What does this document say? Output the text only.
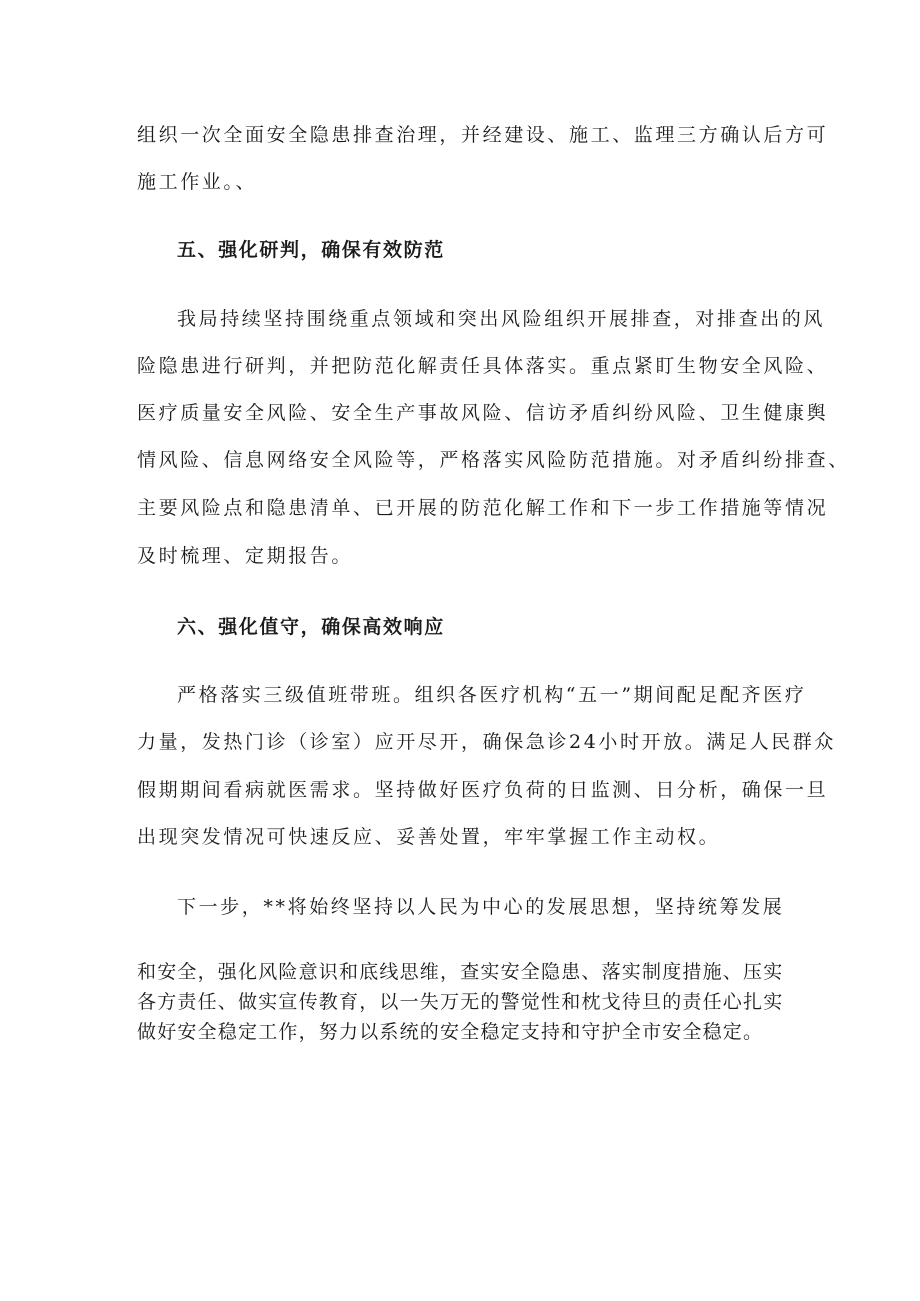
组织一次全面安全隐患排查治理，并经建设、施工、监理三方确认后方可
施工作业。、
五、强化研判，确保有效防范
我局持续坚持围绕重点领域和突出风险组织开展排查，对排查出的风
险隐患进行研判，并把防范化解责任具体落实。重点紧盯生物安全风险、
医疗质量安全风险、安全生产事故风险、信访矛盾纠纷风险、卫生健康舆
情风险、信息网络安全风险等，严格落实风险防范措施。对矛盾纠纷排查、
主要风险点和隐患清单、已开展的防范化解工作和下一步工作措施等情况
及时梳理、定期报告。
六、强化值守，确保高效响应
严格落实三级值班带班。组织各医疗机构“五一”期间配足配齐医疗
力量，发热门诊（诊室）应开尽开，确保急诊24小时开放。满足人民群众
假期期间看病就医需求。坚持做好医疗负荷的日监测、日分析，确保一旦
出现突发情况可快速反应、妥善处置，牢牢掌握工作主动权。
下一步，**将始终坚持以人民为中心的发展思想，坚持统筹发展
和安全，强化风险意识和底线思维，查实安全隐患、落实制度措施、压实
各方责任、做实宣传教育，以一失万无的警觉性和枕戈待旦的责任心扎实
做好安全稳定工作，努力以系统的安全稳定支持和守护全市安全稳定。
